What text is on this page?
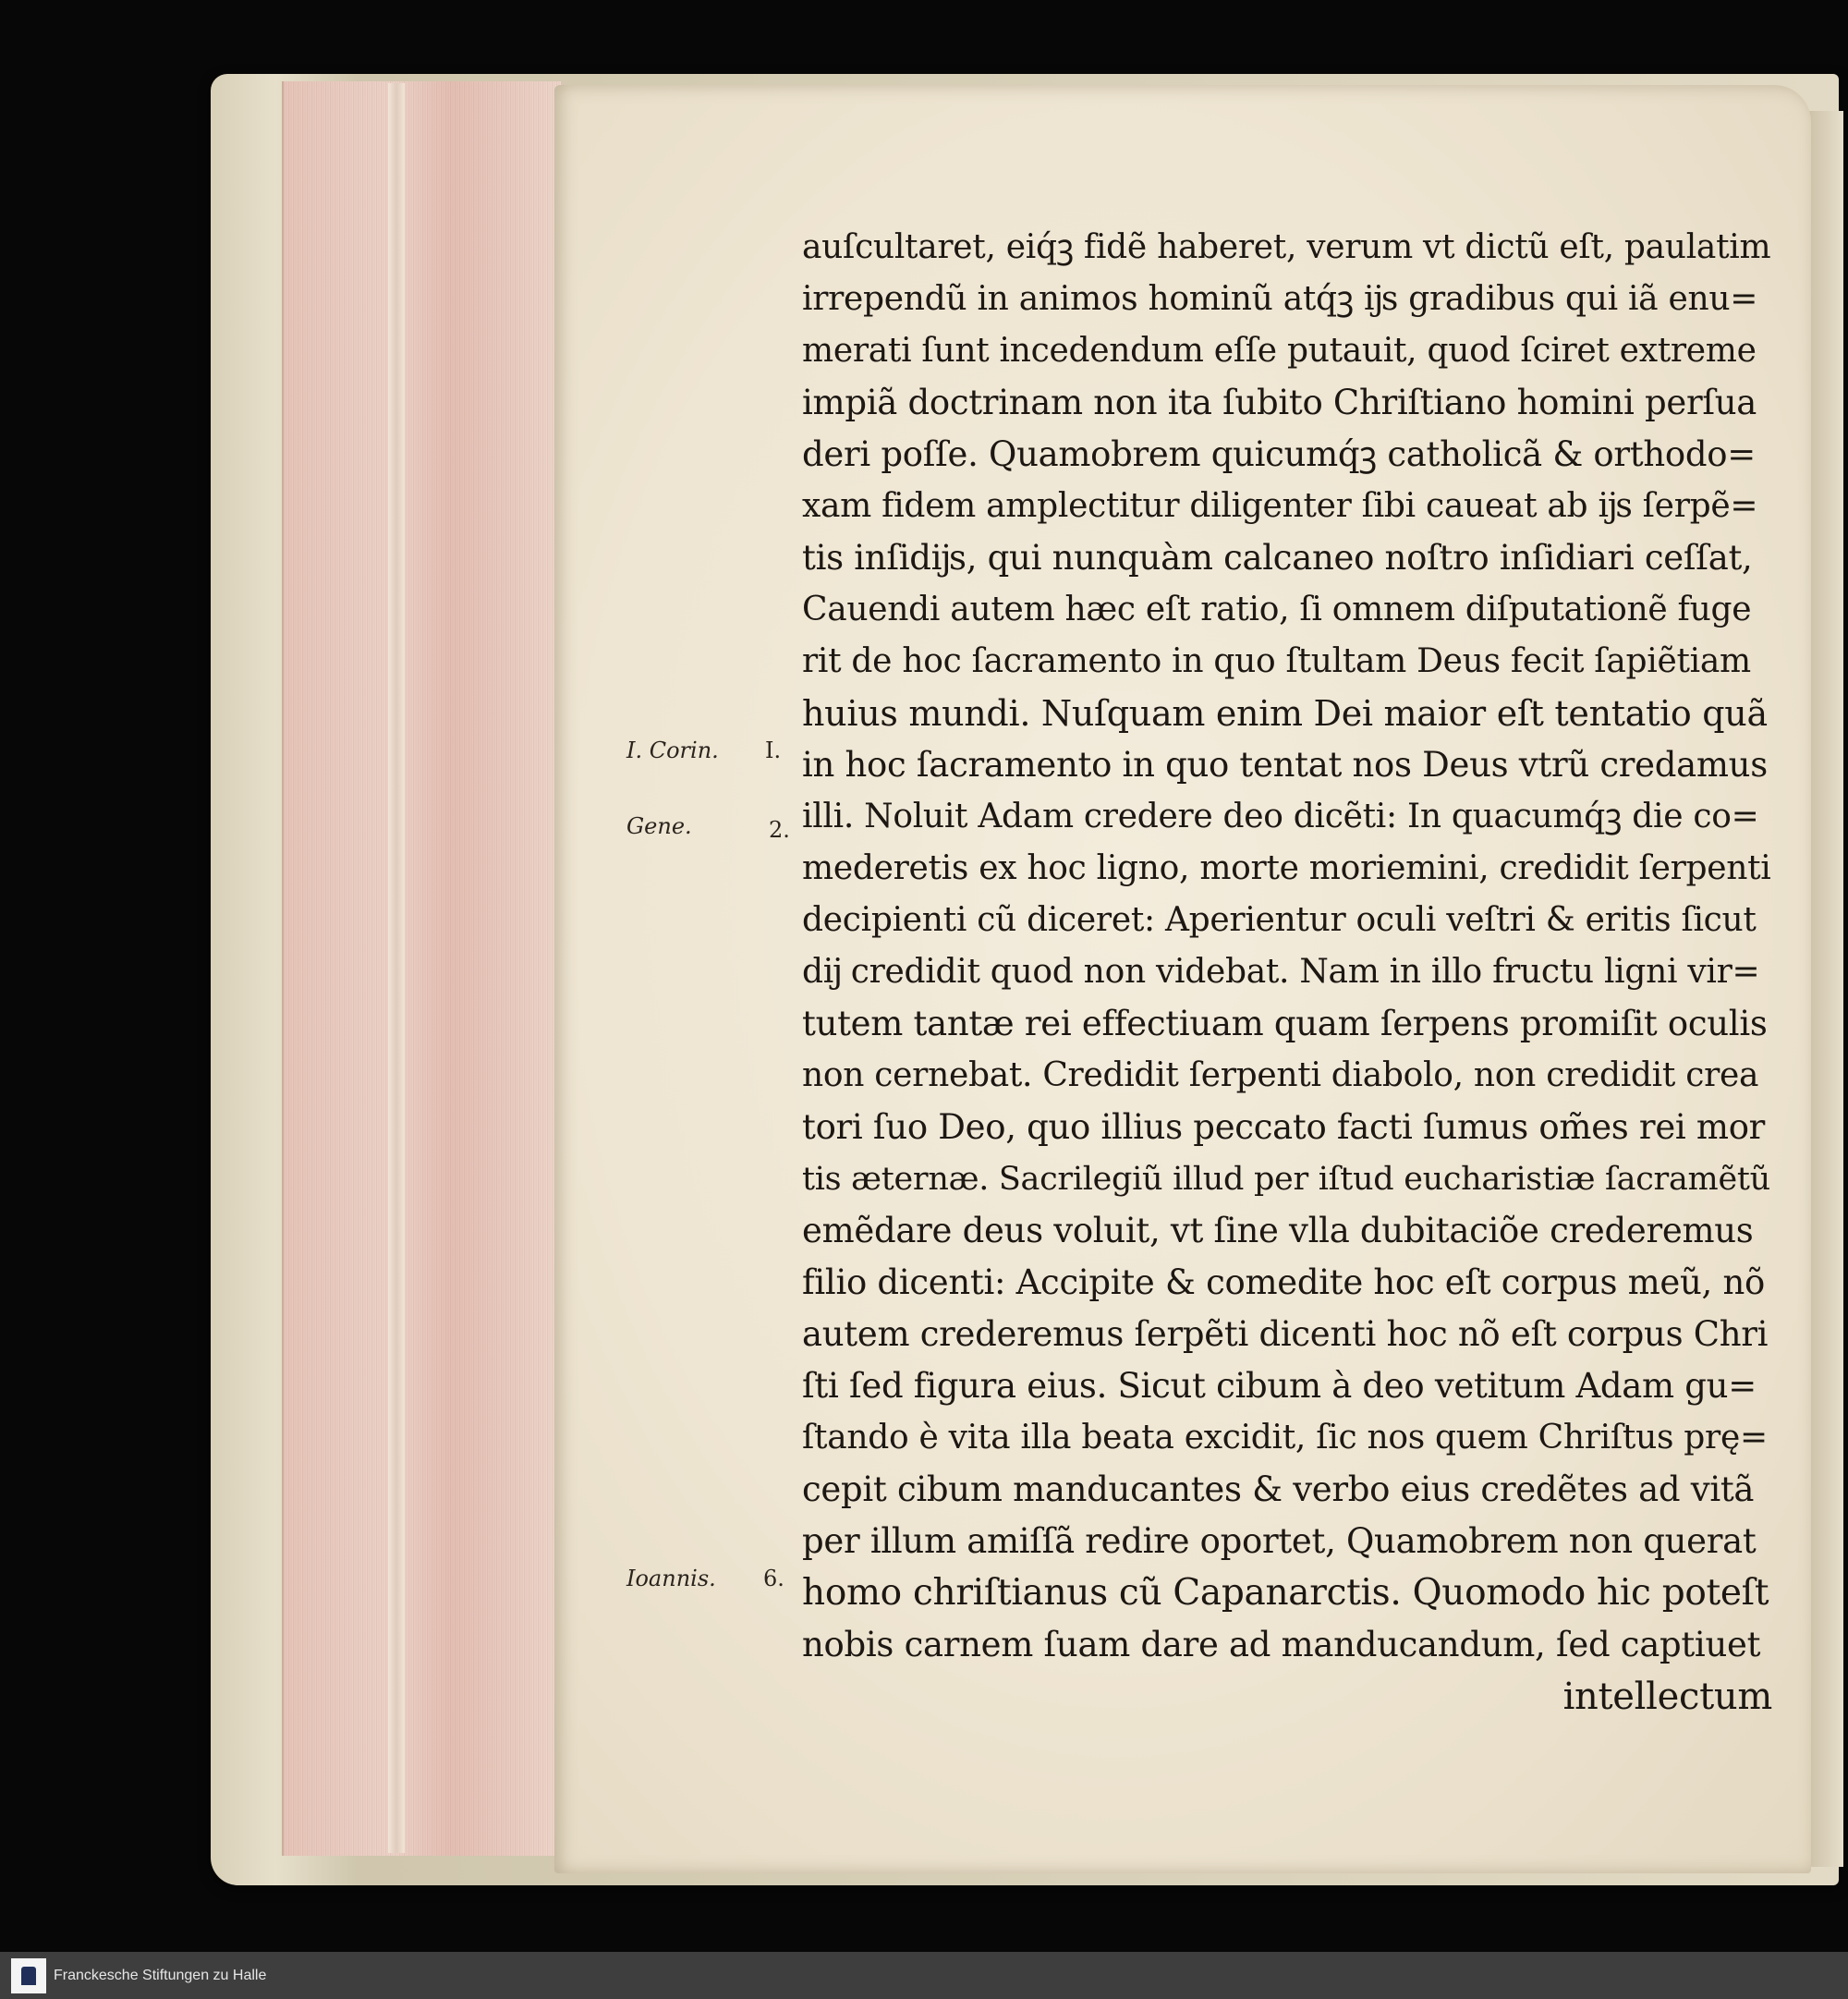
I. Corin. I.
Gene.	2.
Ioannis. 6.
auſcultaret, eiq́ꝫ fidẽ haberet, verum vt dictũ eſt, paulatim
irrependũ in animos hominũ atq́ꝫ ĳs gradibus qui iã enu=
merati ſunt incedendum eſſe putauit, quod ſciret extreme
impiã doctrinam non ita ſubito Chriſtiano homini perſua
deri poſſe. Quamobrem quicumq́ꝫ catholicã & orthodo=
xam fidem amplectitur diligenter ſibi caueat ab ĳs ſerpẽ=
tis inſidĳs, qui nunquàm calcaneo noſtro inſidiari ceſſat,
Cauendi autem hæc eſt ratio, ſi omnem diſputationẽ fuge
rit de hoc ſacramento in quo ſtultam Deus fecit ſapiẽtiam
huius mundi. Nuſquam enim Dei maior eſt tentatio quã
in hoc ſacramento in quo tentat nos Deus vtrũ credamus
illi. Noluit Adam credere deo dicẽti: In quacumq́ꝫ die co=
mederetis ex hoc ligno, morte moriemini, credidit ſerpenti
decipienti cũ diceret: Aperientur oculi veſtri & eritis ſicut
dĳ credidit quod non videbat. Nam in illo fructu ligni vir=
tutem tantæ rei effectiuam quam ſerpens promiſit oculis
non cernebat. Credidit ſerpenti diabolo, non credidit crea
tori ſuo Deo, quo illius peccato facti ſumus om̃es rei mor
tis æternæ. Sacrilegiũ illud per iſtud eucharistiæ ſacramẽtũ
emẽdare deus voluit, vt ſine vlla dubitaciõe crederemus
filio dicenti: Accipite & comedite hoc eſt corpus meũ, nõ
autem crederemus ſerpẽti dicenti hoc nõ eſt corpus Chri
ſti ſed figura eius. Sicut cibum à deo vetitum Adam gu=
ſtando è vita illa beata excidit, ſic nos quem Chriſtus prę=
cepit cibum manducantes & verbo eius credẽtes ad vitã
per illum amiſſã redire oportet, Quamobrem non querat
homo chriſtianus cũ Capanarctis. Quomodo hic poteſt
nobis carnem ſuam dare ad manducandum, ſed captiuet
intellectum
Franckesche Stiftungen zu Halle
